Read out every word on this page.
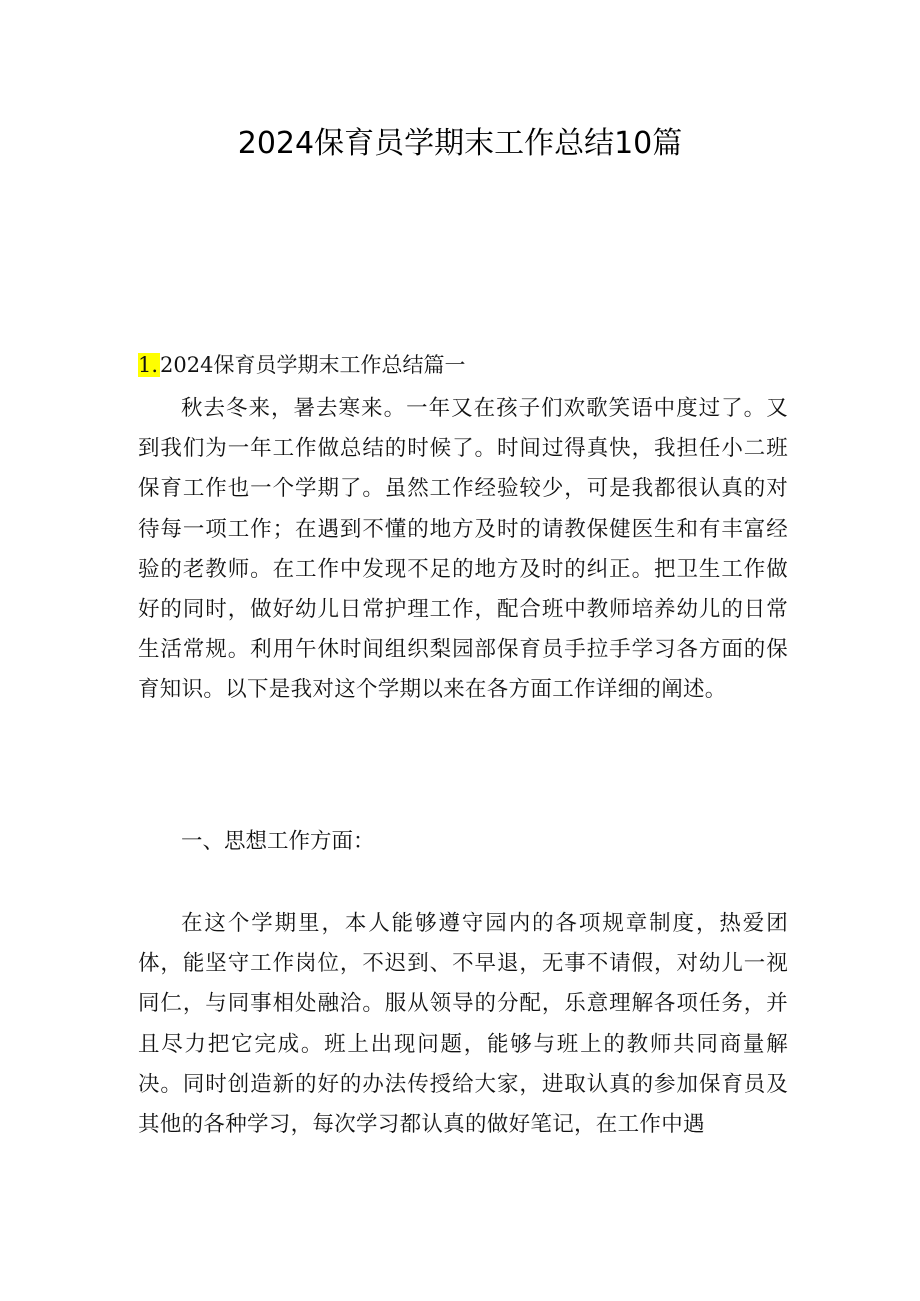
2024保育员学期末工作总结10篇
1.2024保育员学期末工作总结篇一
秋去冬来，暑去寒来。一年又在孩子们欢歌笑语中度过了。又到我们为一年工作做总结的时候了。时间过得真快，我担任小二班保育工作也一个学期了。虽然工作经验较少，可是我都很认真的对待每一项工作；在遇到不懂的地方及时的请教保健医生和有丰富经验的老教师。在工作中发现不足的地方及时的纠正。把卫生工作做好的同时，做好幼儿日常护理工作，配合班中教师培养幼儿的日常生活常规。利用午休时间组织梨园部保育员手拉手学习各方面的保育知识。以下是我对这个学期以来在各方面工作详细的阐述。
一、思想工作方面：
在这个学期里，本人能够遵守园内的各项规章制度，热爱团体，能坚守工作岗位，不迟到、不早退，无事不请假，对幼儿一视同仁，与同事相处融洽。服从领导的分配，乐意理解各项任务，并且尽力把它完成。班上出现问题，能够与班上的教师共同商量解决。同时创造新的好的办法传授给大家，进取认真的参加保育员及其他的各种学习，每次学习都认真的做好笔记，在工作中遇
